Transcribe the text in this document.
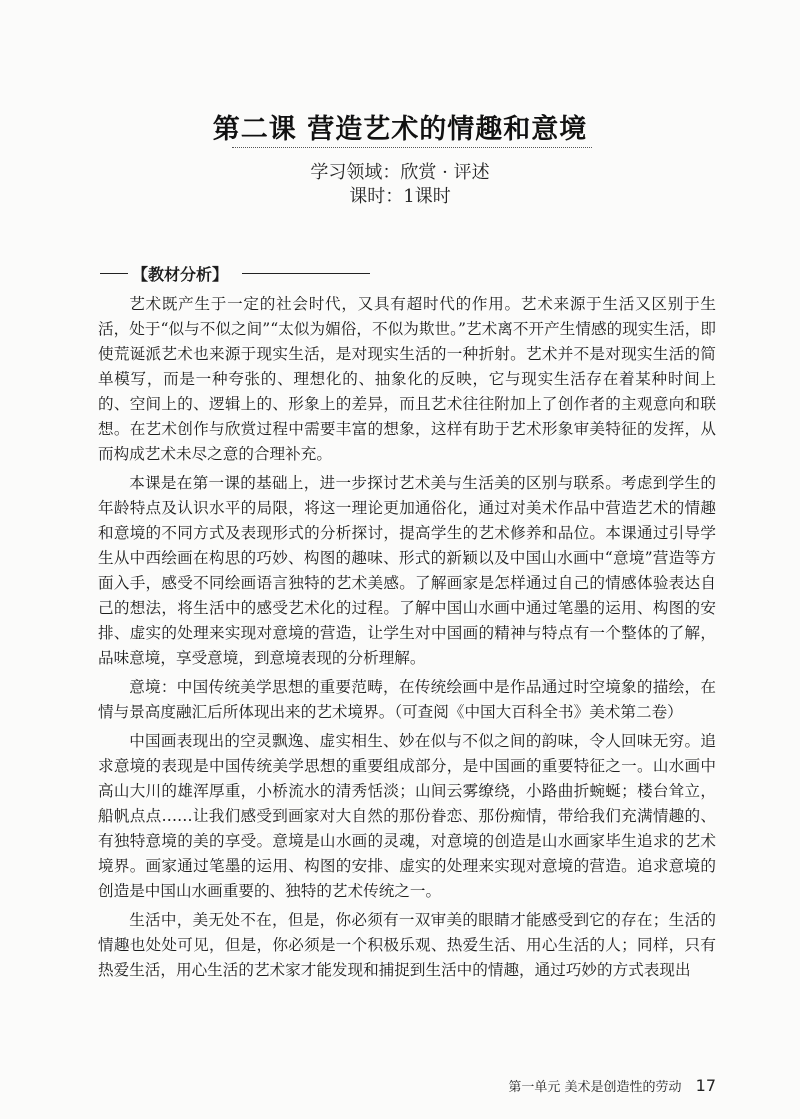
第二课 营造艺术的情趣和意境
学习领域：欣赏 · 评述
课时：1课时
【教材分析】

艺术既产生于一定的社会时代，又具有超时代的作用。艺术来源于生活又区别于生活，处于“似与不似之间”“太似为媚俗，不似为欺世。”艺术离不开产生情感的现实生活，即使荒诞派艺术也来源于现实生活，是对现实生活的一种折射。艺术并不是对现实生活的简单模写，而是一种夸张的、理想化的、抽象化的反映，它与现实生活存在着某种时间上的、空间上的、逻辑上的、形象上的差异，而且艺术往往附加上了创作者的主观意向和联想。在艺术创作与欣赏过程中需要丰富的想象，这样有助于艺术形象审美特征的发挥，从而构成艺术未尽之意的合理补充。

本课是在第一课的基础上，进一步探讨艺术美与生活美的区别与联系。考虑到学生的年龄特点及认识水平的局限，将这一理论更加通俗化，通过对美术作品中营造艺术的情趣和意境的不同方式及表现形式的分析探讨，提高学生的艺术修养和品位。本课通过引导学生从中西绘画在构思的巧妙、构图的趣味、形式的新颖以及中国山水画中“意境”营造等方面入手，感受不同绘画语言独特的艺术美感。了解画家是怎样通过自己的情感体验表达自己的想法，将生活中的感受艺术化的过程。了解中国山水画中通过笔墨的运用、构图的安排、虚实的处理来实现对意境的营造，让学生对中国画的精神与特点有一个整体的了解，品味意境，享受意境，到意境表现的分析理解。

意境：中国传统美学思想的重要范畴，在传统绘画中是作品通过时空境象的描绘，在情与景高度融汇后所体现出来的艺术境界。（可查阅《中国大百科全书》美术第二卷）

中国画表现出的空灵飘逸、虚实相生、妙在似与不似之间的韵味，令人回味无穷。追求意境的表现是中国传统美学思想的重要组成部分，是中国画的重要特征之一。山水画中高山大川的雄浑厚重，小桥流水的清秀恬淡；山间云雾缭绕，小路曲折蜿蜒；楼台耸立，船帆点点……让我们感受到画家对大自然的那份眷恋、那份痴情，带给我们充满情趣的、有独特意境的美的享受。意境是山水画的灵魂，对意境的创造是山水画家毕生追求的艺术境界。画家通过笔墨的运用、构图的安排、虚实的处理来实现对意境的营造。追求意境的创造是中国山水画重要的、独特的艺术传统之一。

生活中，美无处不在，但是，你必须有一双审美的眼睛才能感受到它的存在；生活的情趣也处处可见，但是，你必须是一个积极乐观、热爱生活、用心生活的人；同样，只有热爱生活，用心生活的艺术家才能发现和捕捉到生活中的情趣，通过巧妙的方式表现出

第一单元 美术是创造性的劳动 17
